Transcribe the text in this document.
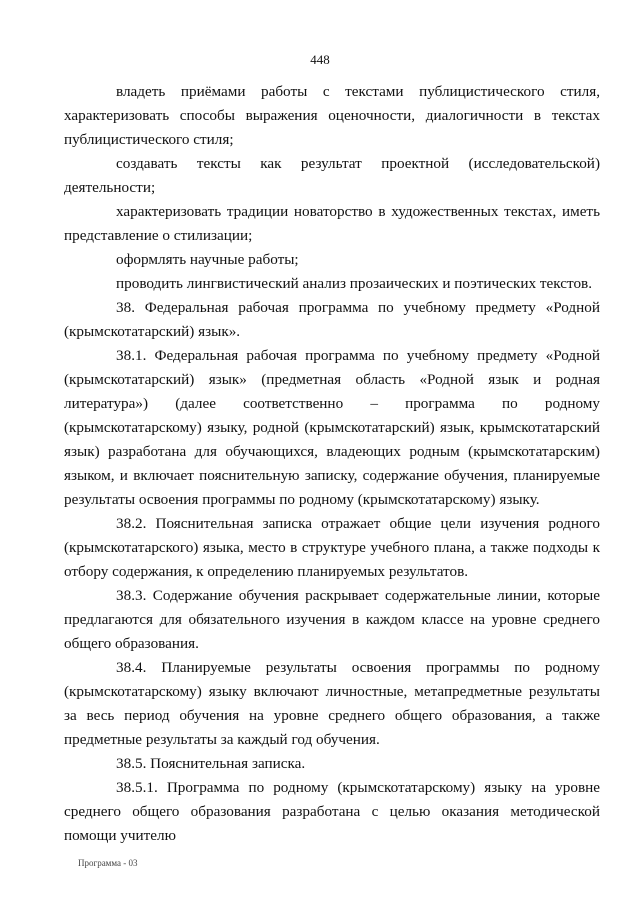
448

владеть приёмами работы с текстами публицистического стиля, характеризовать способы выражения оценочности, диалогичности в текстах публицистического стиля;

создавать тексты как результат проектной (исследовательской) деятельности;

характеризовать традиции новаторство в художественных текстах, иметь представление о стилизации;

оформлять научные работы;

проводить лингвистический анализ прозаических и поэтических текстов.

38. Федеральная рабочая программа по учебному предмету «Родной (крымскотатарский) язык».

38.1. Федеральная рабочая программа по учебному предмету «Родной (крымскотатарский) язык» (предметная область «Родной язык и родная литература») (далее соответственно – программа по родному (крымскотатарскому) языку, родной (крымскотатарский) язык, крымскотатарский язык) разработана для обучающихся, владеющих родным (крымскотатарским) языком, и включает пояснительную записку, содержание обучения, планируемые результаты освоения программы по родному (крымскотатарскому) языку.

38.2. Пояснительная записка отражает общие цели изучения родного (крымскотатарского) языка, место в структуре учебного плана, а также подходы к отбору содержания, к определению планируемых результатов.

38.3. Содержание обучения раскрывает содержательные линии, которые предлагаются для обязательного изучения в каждом классе на уровне среднего общего образования.

38.4. Планируемые результаты освоения программы по родному (крымскотатарскому) языку включают личностные, метапредметные результаты за весь период обучения на уровне среднего общего образования, а также предметные результаты за каждый год обучения.

38.5. Пояснительная записка.

38.5.1. Программа по родному (крымскотатарскому) языку на уровне среднего общего образования разработана с целью оказания методической помощи учителю

Программа - 03
